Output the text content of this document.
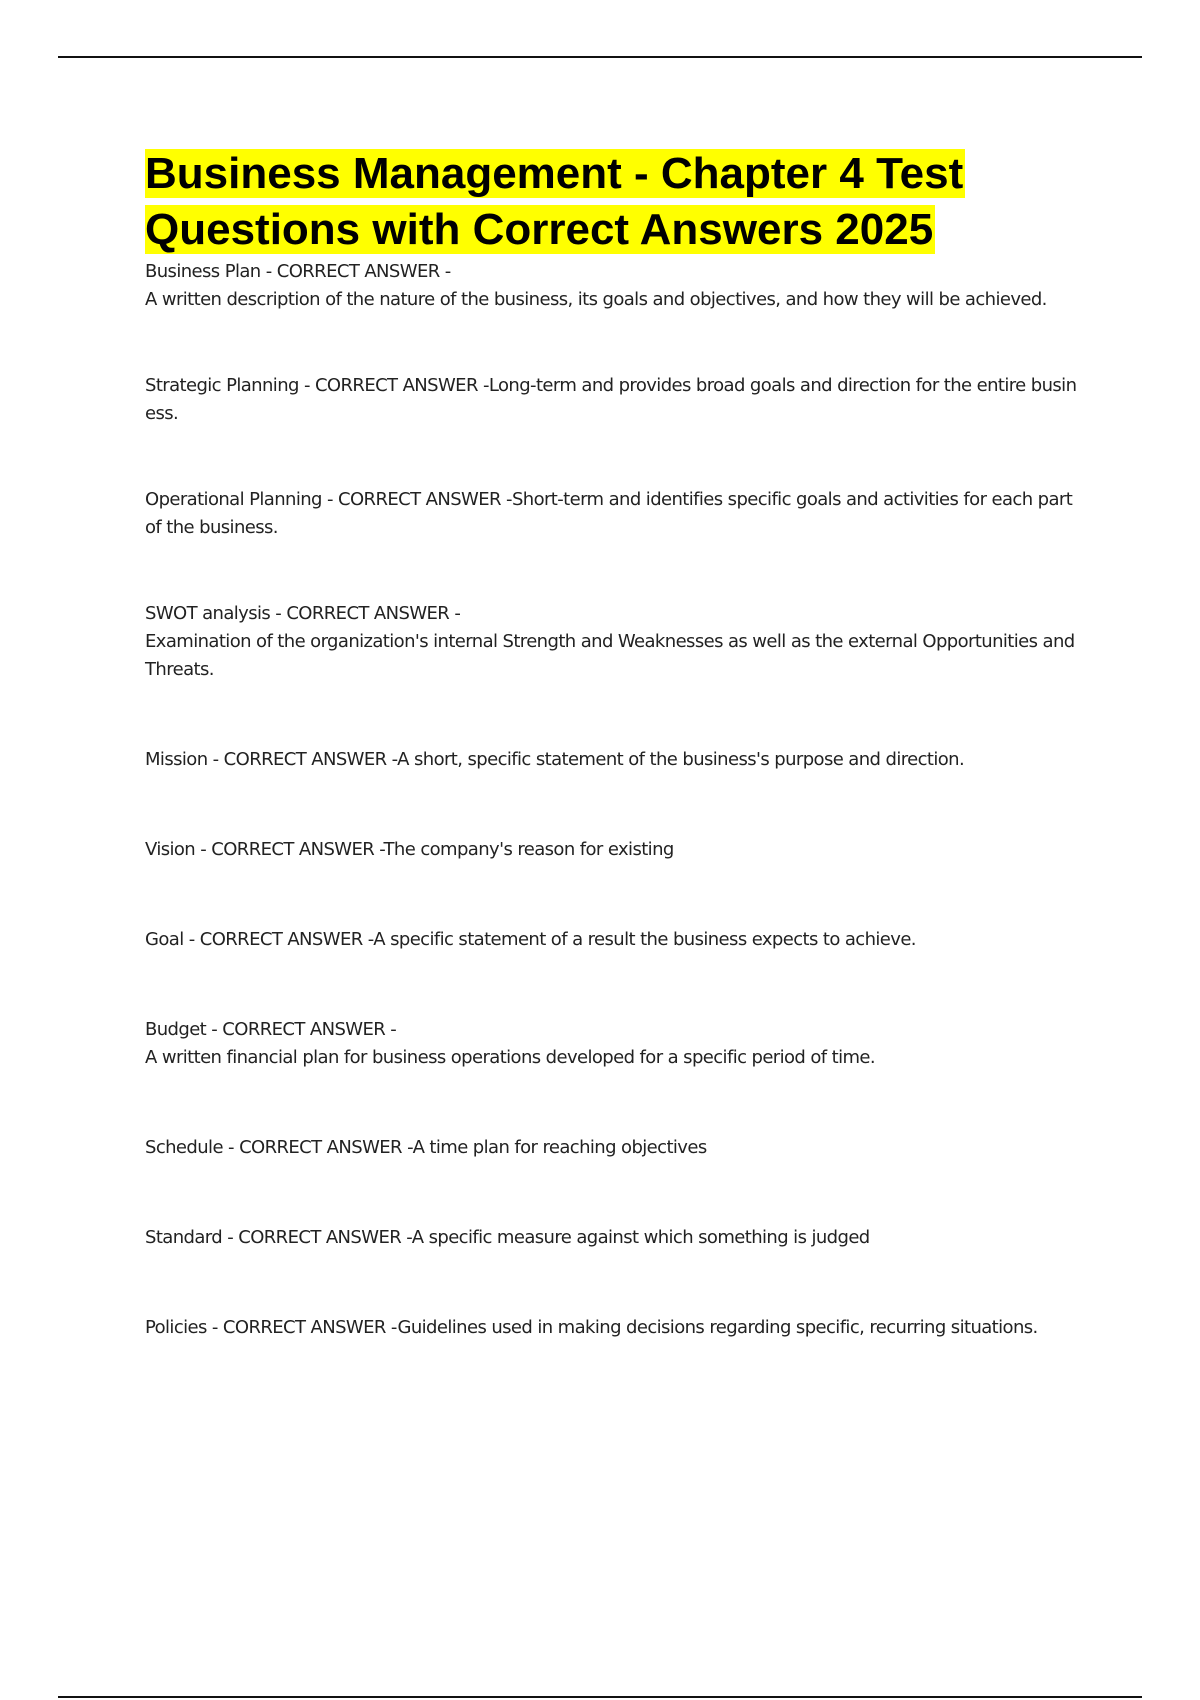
Business Management - Chapter 4 Test
Questions with Correct Answers 2025
Business Plan - CORRECT ANSWER -
A written description of the nature of the business, its goals and objectives, and how they will be achieved.
Strategic Planning - CORRECT ANSWER -Long-term and provides broad goals and direction for the entire business.
Operational Planning - CORRECT ANSWER -Short-term and identifies specific goals and activities for each part of the business.
SWOT analysis - CORRECT ANSWER -
Examination of the organization's internal Strength and Weaknesses as well as the external Opportunities and Threats.
Mission - CORRECT ANSWER -A short, specific statement of the business's purpose and direction.
Vision - CORRECT ANSWER -The company's reason for existing
Goal - CORRECT ANSWER -A specific statement of a result the business expects to achieve.
Budget - CORRECT ANSWER -
A written financial plan for business operations developed for a specific period of time.
Schedule - CORRECT ANSWER -A time plan for reaching objectives
Standard - CORRECT ANSWER -A specific measure against which something is judged
Policies - CORRECT ANSWER -Guidelines used in making decisions regarding specific, recurring situations.
